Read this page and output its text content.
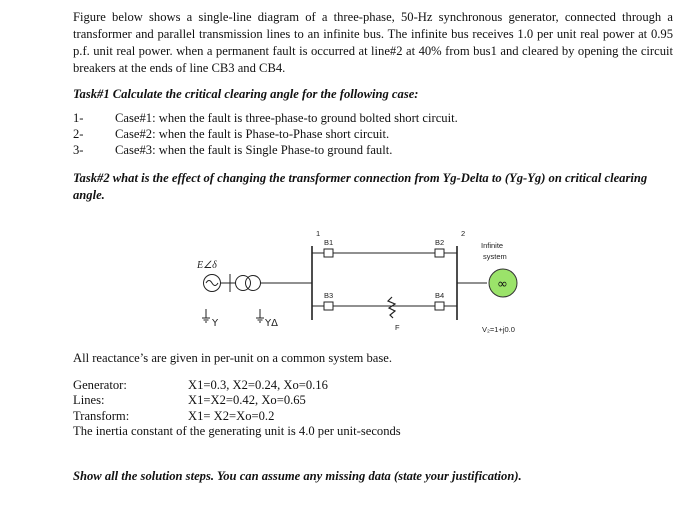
Figure below shows a single-line diagram of a three-phase, 50-Hz synchronous generator, connected through a transformer and parallel transmission lines to an infinite bus. The infinite bus receives 1.0 per unit real power at 0.95 p.f. unit real power. when a permanent fault is occurred at line#2 at 40% from bus1 and cleared by opening the circuit breakers at the ends of line CB3 and CB4.
Task#1 Calculate the critical clearing angle for the following case:
1-	Case#1: when the fault is three-phase-to ground bolted short circuit.
2-	Case#2: when the fault is Phase-to-Phase short circuit.
3-	Case#3: when the fault is Single Phase-to ground fault.
Task#2 what is the effect of changing the transformer connection from Yg-Delta to (Yg-Yg) on critical clearing angle.
∞
1	2
B1	B2
B3	B4
E∠δ
F
Infinite
system
V₂=1+j0.0
Y	YΔ
All reactance’s are given in per-unit on a common system base.
Generator:	X1=0.3, X2=0.24, Xo=0.16
Lines:	X1=X2=0.42, Xo=0.65
Transform:	X1= X2=Xo=0.2
The inertia constant of the generating unit is 4.0 per unit-seconds
Show all the solution steps. You can assume any missing data (state your justification).
